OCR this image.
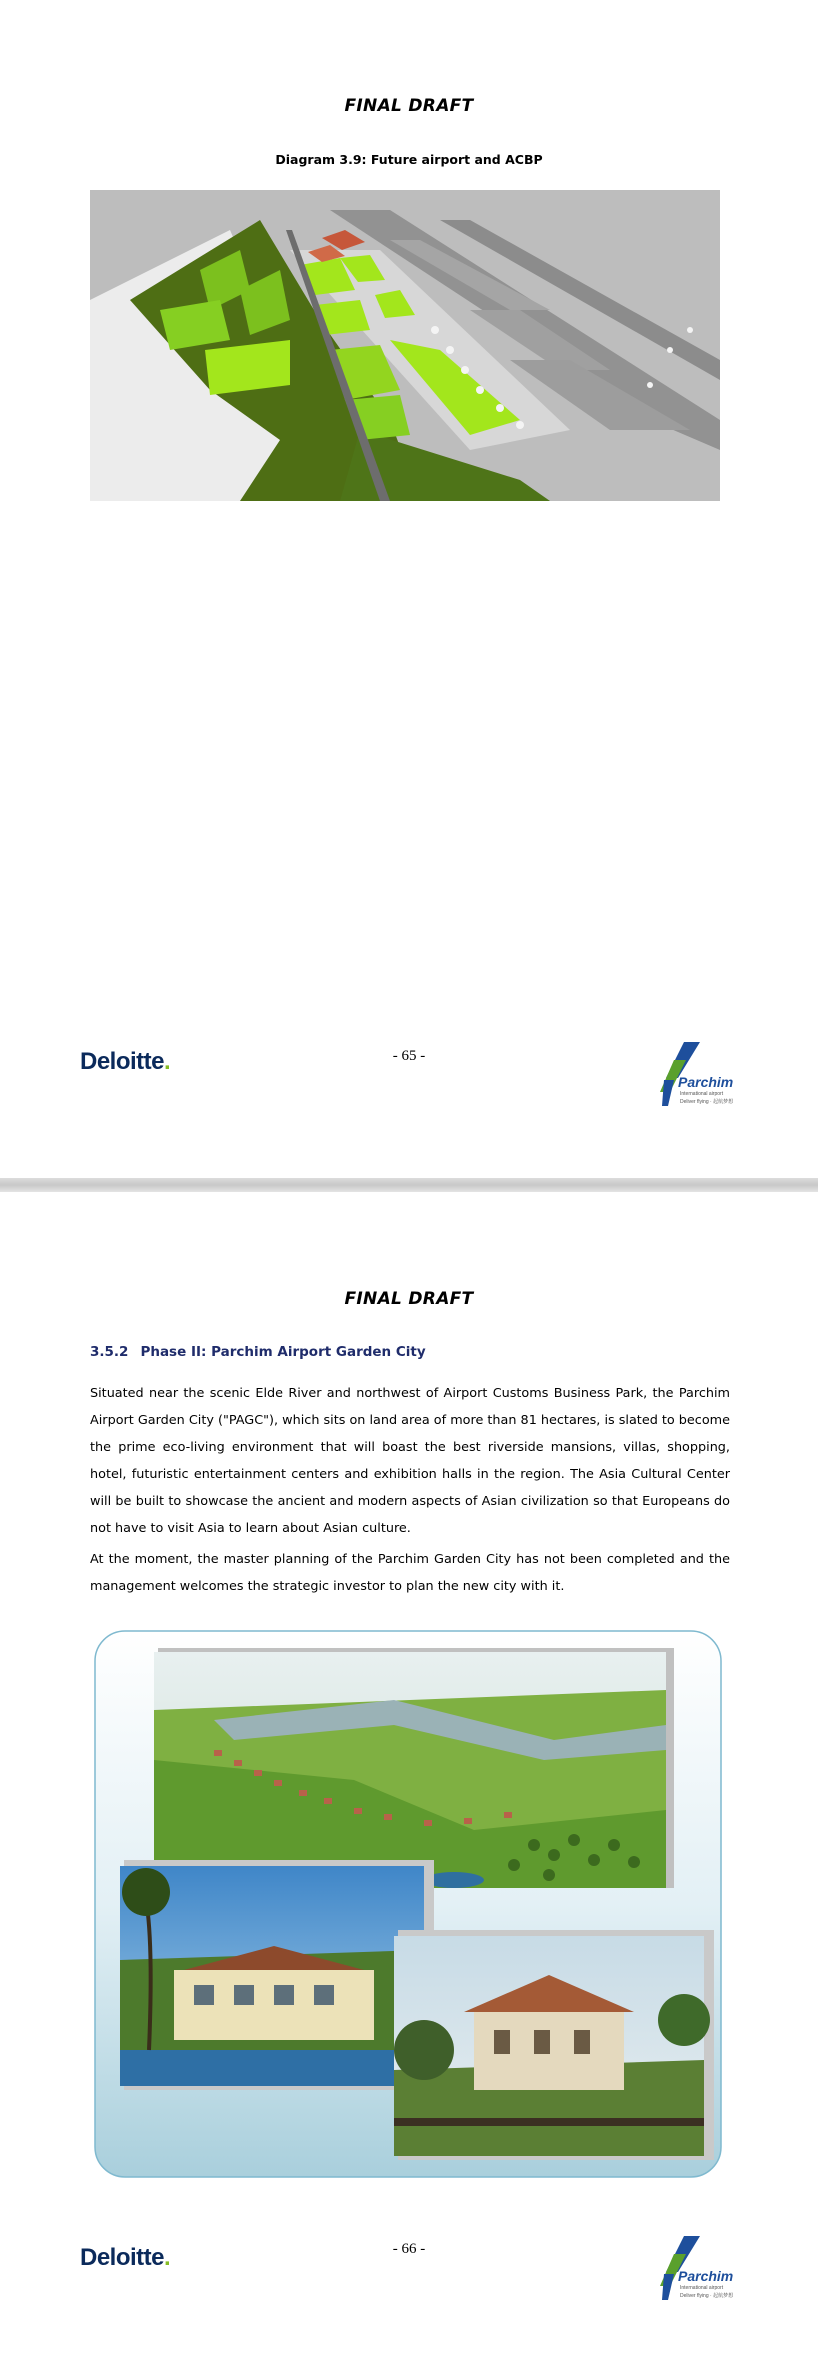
FINAL DRAFT
Diagram 3.9: Future airport and ACBP
Deloitte.	- 65 -
Parchim
International airport
Deliver flying · 起航梦想
FINAL DRAFT
3.5.2 Phase II: Parchim Airport Garden City
Situated near the scenic Elde River and northwest of Airport Customs Business Park, the Parchim Airport Garden City ("PAGC"), which sits on land area of more than 81 hectares, is slated to become the prime eco-living environment that will boast the best riverside mansions, villas, shopping, hotel, futuristic entertainment centers and exhibition halls in the region. The Asia Cultural Center will be built to showcase the ancient and modern aspects of Asian civilization so that Europeans do not have to visit Asia to learn about Asian culture.
At the moment, the master planning of the Parchim Garden City has not been completed and the management welcomes the strategic investor to plan the new city with it.
Deloitte.	- 66 -
Parchim
International airport
Deliver flying · 起航梦想
